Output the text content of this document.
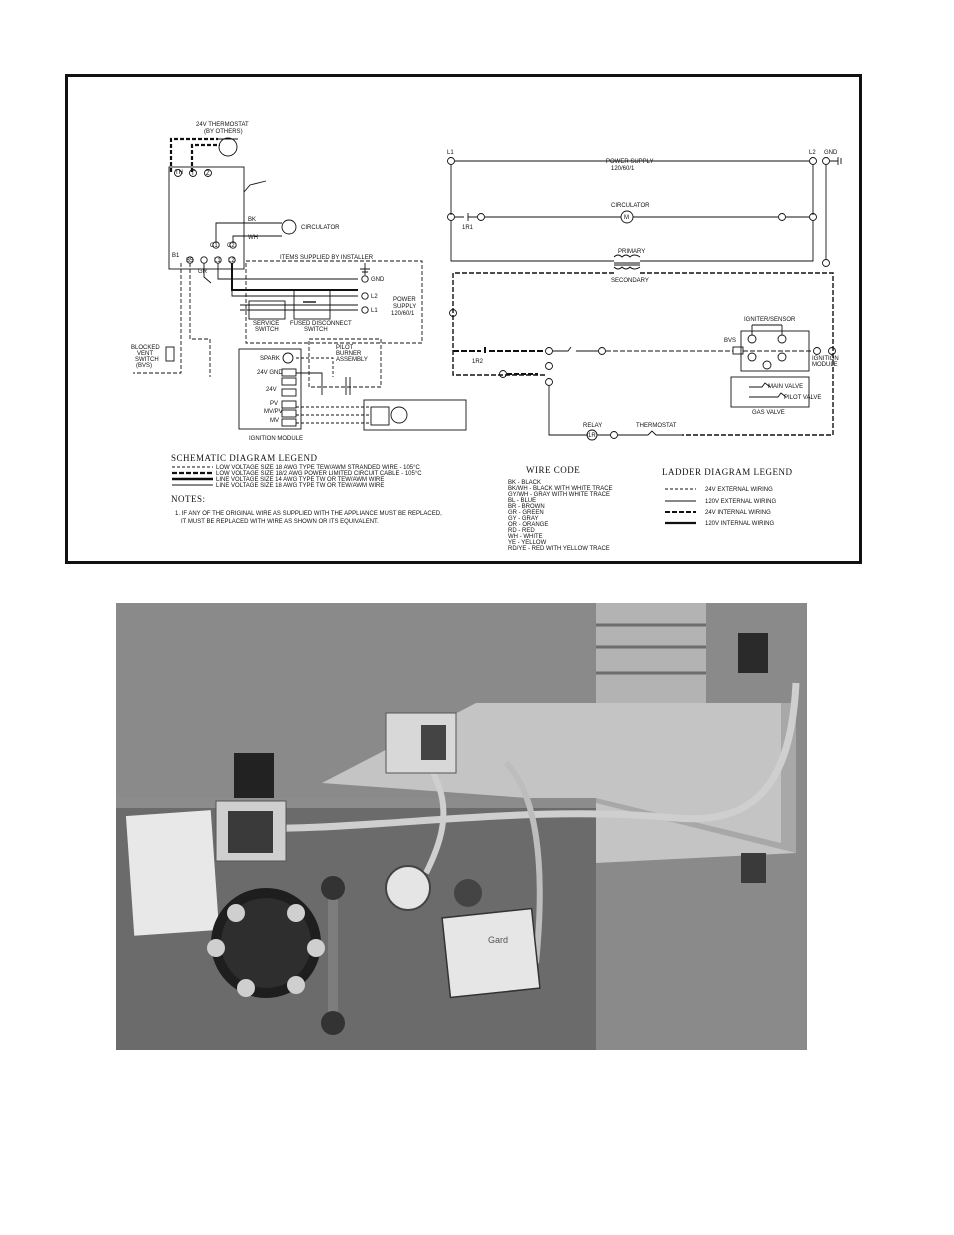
24V THERMOSTAT
(BY OTHERS)
TH T Z
CIRCULATOR
BK
WH
C1 C2
B1
B5
GR
L1 L2	ITEMS SUPPLIED BY INSTALLER
GND
L2
L1
POWER
SUPPLY
120/60/1
SERVICE
SWITCH
FUSED DISCONNECT
SWITCH
BLOCKED
VENT
SWITCH
(BVS)
PILOT
BURNER
ASSEMBLY
SPARK
24V GND
24V
MV/PV
PV
MV
IGNITION MODULE
L1	L2 GND
POWER SUPPLY
120/60/1
CIRCULATOR
M
1R1
1R2
PRIMARY
SECONDARY
BVS
IGNITER/SENSOR
IGNITION
MODULE
MAIN VALVE
PILOT VALVE
GAS VALVE
RELAY	THERMOSTAT
1R
SCHEMATIC DIAGRAM LEGEND
LOW VOLTAGE SIZE 18 AWG TYPE TEW/AWM STRANDED WIRE - 105°C
LOW VOLTAGE SIZE 18/2 AWG POWER LIMITED CIRCUIT CABLE - 105°C
LINE VOLTAGE SIZE 14 AWG TYPE TW OR TEW/AWM WIRE
LINE VOLTAGE SIZE 18 AWG TYPE TW OR TEW/AWM WIRE
NOTES:
1. IF ANY OF THE ORIGINAL WIRE AS SUPPLIED WITH THE APPLIANCE MUST BE REPLACED,
IT MUST BE REPLACED WITH WIRE AS SHOWN OR ITS EQUIVALENT.
WIRE CODE
BK - BLACK
BK/WH - BLACK WITH WHITE TRACE
GY/WH - GRAY WITH WHITE TRACE
BL - BLUE
BR - BROWN
GR - GREEN
GY - GRAY
OR - ORANGE
RD - RED
WH - WHITE
YE - YELLOW
RD/YE - RED WITH YELLOW TRACE
LADDER DIAGRAM LEGEND
24V EXTERNAL WIRING
120V EXTERNAL WIRING
24V INTERNAL WIRING
120V INTERNAL WIRING
Gard
